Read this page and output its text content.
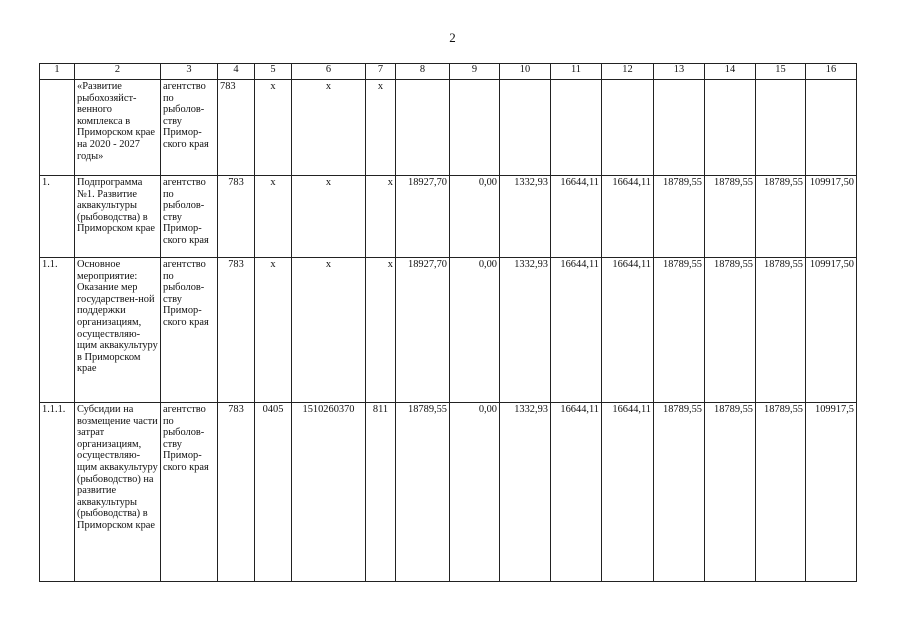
2
1	2	3	4	5	6	7	8	9	10	11	12	13	14	15	16
	«Развитие рыбохозяйст-венного комплекса в Приморском крае на 2020 - 2027 годы»	агентство по рыболов-ству Примор-ского края	783	x	x	x									
1.	Подпрограмма №1. Развитие аквакультуры (рыбоводства) в Приморском крае	агентство по рыболов-ству Примор-ского края	783	x	x	x	18927,70	0,00	1332,93	16644,11	16644,11	18789,55	18789,55	18789,55	109917,50
1.1.	Основное мероприятие: Оказание мер государствен-ной поддержки организациям, осуществляю-щим аквакультуру в Приморском крае	агентство по рыболов-ству Примор-ского края	783	x	x	x	18927,70	0,00	1332,93	16644,11	16644,11	18789,55	18789,55	18789,55	109917,50
1.1.1.	Субсидии на возмещение части затрат организациям, осуществляю-щим аквакультуру (рыбоводство) на развитие аквакультуры (рыбоводства) в Приморском крае	агентство по рыболов-ству Примор-ского края	783	0405	1510260370	811	18789,55	0,00	1332,93	16644,11	16644,11	18789,55	18789,55	18789,55	109917,5
